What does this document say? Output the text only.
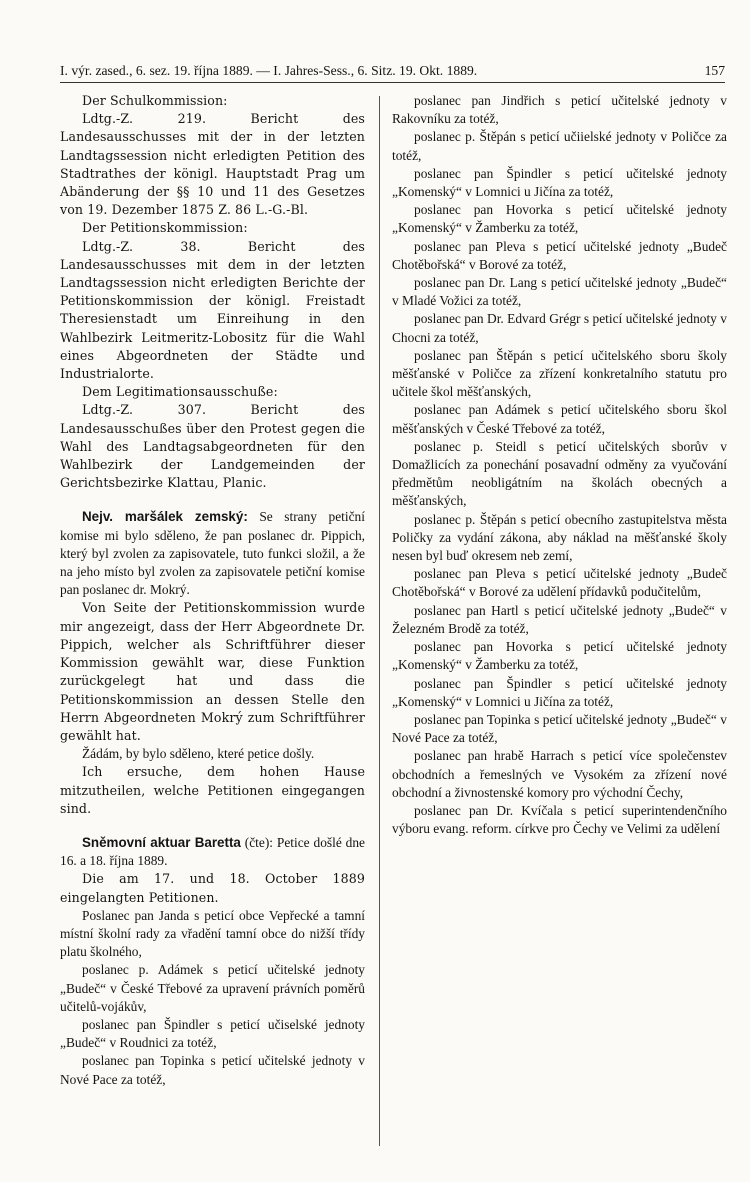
I. výr. zased., 6. sez. 19. října 1889. — I. Jahres-Sess., 6. Sitz. 19. Okt. 1889.	157

Der Schulkommission:

Ldtg.-Z. 219. Bericht des Landesausschusses mit der in der letzten Landtagssession nicht erledigten Petition des Stadtrathes der königl. Hauptstadt Prag um Abänderung der §§ 10 und 11 des Gesetzes von 19. Dezember 1875 Z. 86 L.-G.-Bl.

Der Petitionskommission:

Ldtg.-Z. 38. Bericht des Landesausschusses mit dem in der letzten Landtagssession nicht erledigten Berichte der Petitionskommission der königl. Freistadt Theresienstadt um Einreihung in den Wahlbezirk Leitmeritz-Lobositz für die Wahl eines Abgeordneten der Städte und Industrialorte.

Dem Legitimationsausschuße:

Ldtg.-Z. 307. Bericht des Landesausschußes über den Protest gegen die Wahl des Landtagsabgeordneten für den Wahlbezirk der Landgemeinden der Gerichtsbezirke Klattau, Planic.

Nejv. maršálek zemský: Se strany petiční komise mi bylo sděleno, že pan poslanec dr. Pippich, který byl zvolen za zapisovatele, tuto funkci složil, a že na jeho místo byl zvolen za zapisovatele petiční komise pan poslanec dr. Mokrý.

Von Seite der Petitionskommission wurde mir angezeigt, dass der Herr Abgeordnete Dr. Pippich, welcher als Schriftführer dieser Kommission gewählt war, diese Funktion zurückgelegt hat und dass die Petitionskommission an dessen Stelle den Herrn Abgeordneten Mokrý zum Schriftführer gewählt hat.

Žádám, by bylo sděleno, které petice došly.

Ich ersuche, dem hohen Hause mitzutheilen, welche Petitionen eingegangen sind.

Sněmovní aktuar Baretta (čte): Petice došlé dne 16. a 18. října 1889.

Die am 17. und 18. October 1889 eingelangten Petitionen.

Poslanec pan Janda s peticí obce Vepřecké a tamní místní školní rady za vřadění tamní obce do nižší třídy platu školného,

poslanec p. Adámek s peticí učitelské jednoty „Budeč“ v České Třebové za upravení právních poměrů učitelů-vojákův,

poslanec pan Špindler s peticí učiselské jednoty „Budeč“ v Roudnici za totéž,

poslanec pan Topinka s peticí učitelské jednoty v Nové Pace za totéž,

poslanec pan Jindřich s peticí učitelské jednoty v Rakovníku za totéž,

poslanec p. Štěpán s peticí učiielské jednoty v Poličce za totéž,

poslanec pan Špindler s peticí učitelské jednoty „Komenský“ v Lomnici u Jičína za totéž,

poslanec pan Hovorka s peticí učitelské jednoty „Komenský“ v Žamberku za totéž,

poslanec pan Pleva s peticí učitelské jednoty „Budeč Chotěbořská“ v Borové za totéž,

poslanec pan Dr. Lang s peticí učitelské jednoty „Budeč“ v Mladé Vožici za totéž,

poslanec pan Dr. Edvard Grégr s peticí učitelské jednoty v Chocni za totéž,

poslanec pan Štěpán s peticí učitelského sboru školy měšťanské v Poličce za zřízení konkretalního statutu pro učitele škol měšťanských,

poslanec pan Adámek s peticí učitelského sboru škol měšťanských v České Třebové za totéž,

poslanec p. Steidl s peticí učitelských sborův v Domažlicích za ponechání posavadní odměny za vyučování předmětům neobligátním na školách obecných a měšťanských,

poslanec p. Štěpán s peticí obecního zastupitelstva města Poličky za vydání zákona, aby náklad na měšťanské školy nesen byl buď okresem neb zemí,

poslanec pan Pleva s peticí učitelské jednoty „Budeč Chotěbořská“ v Borové za udělení přídavků podučitelům,

poslanec pan Hartl s peticí učitelské jednoty „Budeč“ v Železném Brodě za totéž,

poslanec pan Hovorka s peticí učitelské jednoty „Komenský“ v Žamberku za totéž,

poslanec pan Špindler s peticí učitelské jednoty „Komenský“ v Lomnici u Jičína za totéž,

poslanec pan Topinka s peticí učitelské jednoty „Budeč“ v Nové Pace za totéž,

poslanec pan hrabě Harrach s peticí více společenstev obchodních a řemeslných ve Vysokém za zřízení nové obchodní a živnostenské komory pro východní Čechy,

poslanec pan Dr. Kvíčala s peticí superintendenčního výboru evang. reform. církve pro Čechy ve Velimi za udělení
